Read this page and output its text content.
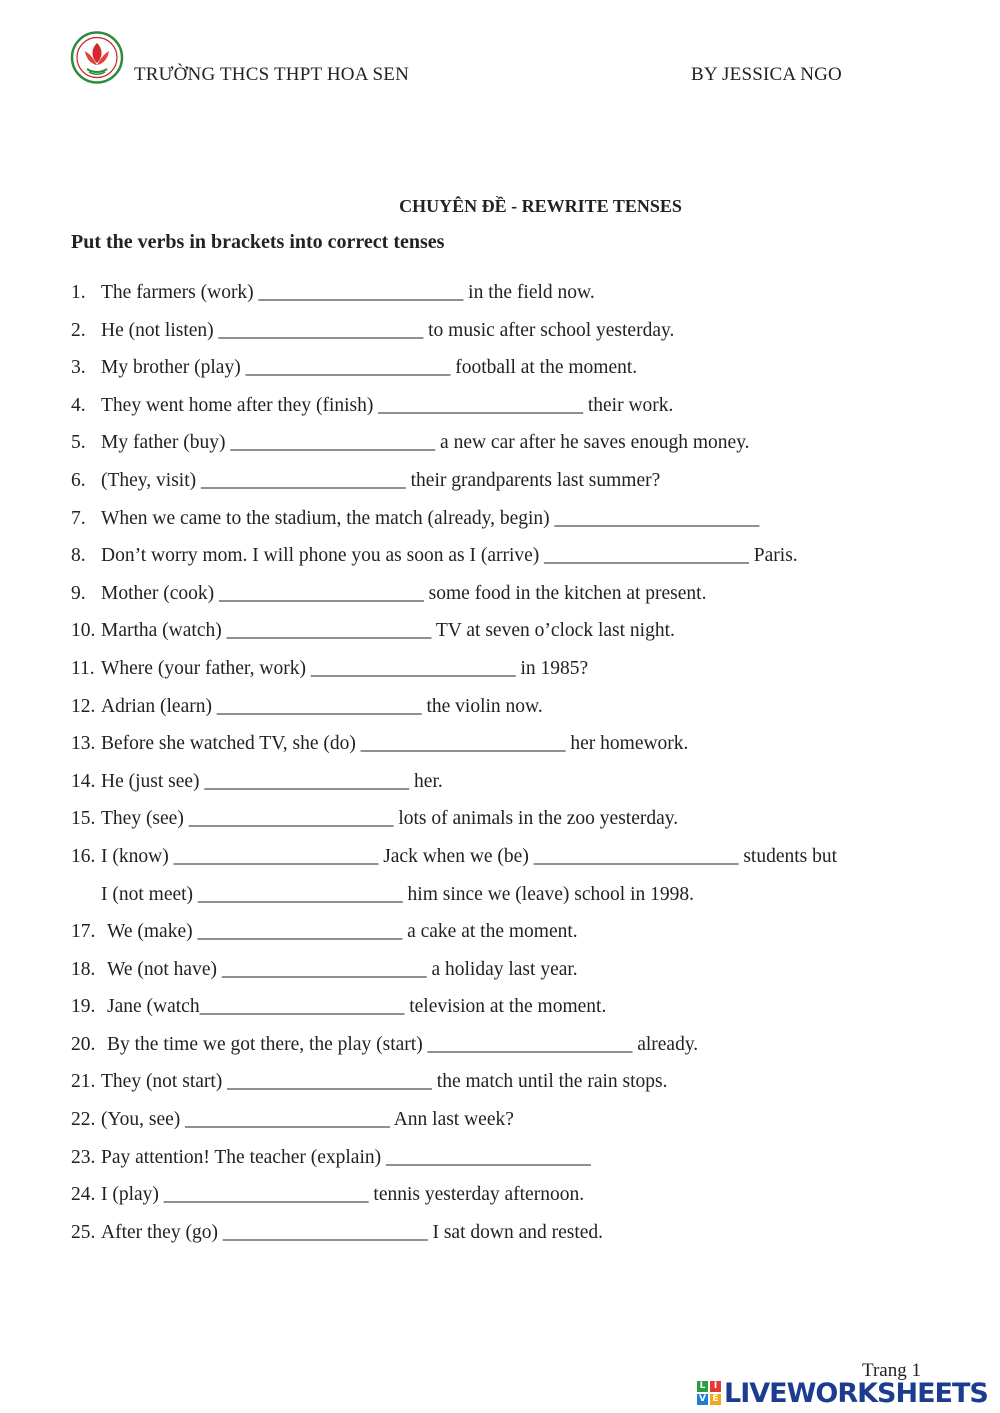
TRƯỜNG THCS THPT HOA SEN	BY JESSICA NGO
CHUYÊN ĐỀ - REWRITE TENSES
Put the verbs in brackets into correct tenses
1. The farmers (work) _____________________ in the field now.
2. He (not listen) _____________________ to music after school yesterday.
3. My brother (play) _____________________ football at the moment.
4. They went home after they (finish) _____________________ their work.
5. My father (buy) _____________________ a new car after he saves enough money.
6. (They, visit) _____________________ their grandparents last summer?
7. When we came to the stadium, the match (already, begin) _____________________
8. Don’t worry mom. I will phone you as soon as I (arrive) _____________________ Paris.
9. Mother (cook) _____________________ some food in the kitchen at present.
10. Martha (watch) _____________________ TV at seven o’clock last night.
11. Where (your father, work) _____________________ in 1985?
12. Adrian (learn) _____________________ the violin now.
13. Before she watched TV, she (do) _____________________ her homework.
14. He (just see) _____________________ her.
15. They (see) _____________________ lots of animals in the zoo yesterday.
16. I (know) _____________________ Jack when we (be) _____________________ students but
I (not meet) _____________________ him since we (leave) school in 1998.
17. We (make) _____________________ a cake at the moment.
18. We (not have) _____________________ a holiday last year.
19. Jane (watch_____________________ television at the moment.
20. By the time we got there, the play (start) _____________________ already.
21. They (not start) _____________________ the match until the rain stops.
22. (You, see) _____________________ Ann last week?
23. Pay attention! The teacher (explain) _____________________
24. I (play) _____________________ tennis yesterday afternoon.
25. After they (go) _____________________ I sat down and rested.
Trang 1
L I
V E LIVEWORKSHEETS
